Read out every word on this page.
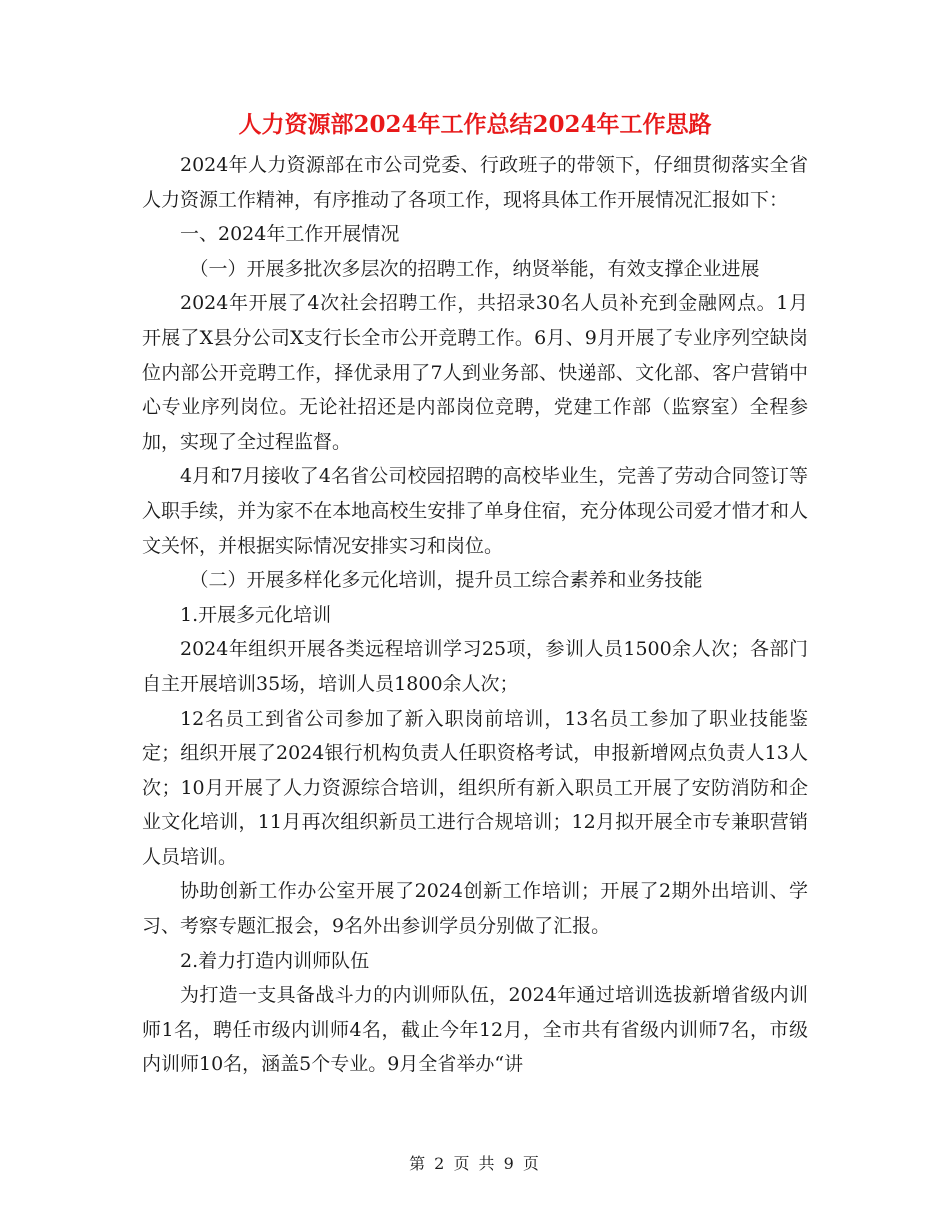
人力资源部2024年工作总结2024年工作思路

2024年人力资源部在市公司党委、行政班子的带领下，仔细贯彻落实全省人力资源工作精神，有序推动了各项工作，现将具体工作开展情况汇报如下：

一、2024年工作开展情况

（一）开展多批次多层次的招聘工作，纳贤举能，有效支撑企业进展

2024年开展了4次社会招聘工作，共招录30名人员补充到金融网点。1月开展了X县分公司X支行长全市公开竞聘工作。6月、9月开展了专业序列空缺岗位内部公开竞聘工作，择优录用了7人到业务部、快递部、文化部、客户营销中心专业序列岗位。无论社招还是内部岗位竞聘，党建工作部（监察室）全程参加，实现了全过程监督。

4月和7月接收了4名省公司校园招聘的高校毕业生，完善了劳动合同签订等入职手续，并为家不在本地高校生安排了单身住宿，充分体现公司爱才惜才和人文关怀，并根据实际情况安排实习和岗位。

（二）开展多样化多元化培训，提升员工综合素养和业务技能

1.开展多元化培训

2024年组织开展各类远程培训学习25项，参训人员1500余人次；各部门自主开展培训35场，培训人员1800余人次；

12名员工到省公司参加了新入职岗前培训，13名员工参加了职业技能鉴定；组织开展了2024银行机构负责人任职资格考试，申报新增网点负责人13人次；10月开展了人力资源综合培训，组织所有新入职员工开展了安防消防和企业文化培训，11月再次组织新员工进行合规培训；12月拟开展全市专兼职营销人员培训。

协助创新工作办公室开展了2024创新工作培训；开展了2期外出培训、学习、考察专题汇报会，9名外出参训学员分别做了汇报。

2.着力打造内训师队伍

为打造一支具备战斗力的内训师队伍，2024年通过培训选拔新增省级内训师1名，聘任市级内训师4名，截止今年12月，全市共有省级内训师7名，市级内训师10名，涵盖5个专业。9月全省举办“讲

第 2 页 共 9 页
